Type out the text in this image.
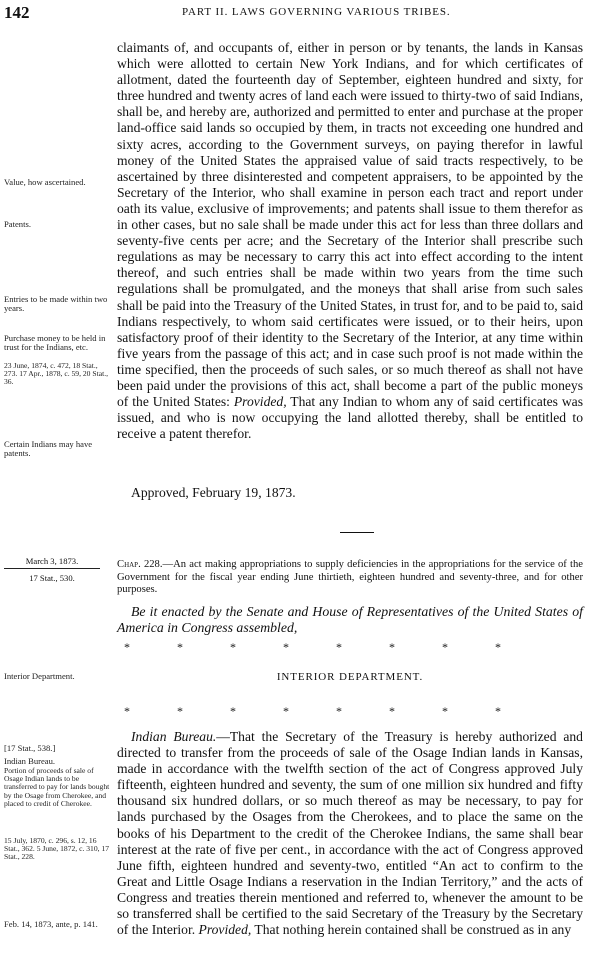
142	PART II. LAWS GOVERNING VARIOUS TRIBES.

claimants of, and occupants of, either in person or by tenants, the lands in Kansas which were allotted to certain New York Indians, and for which certificates of allotment, dated the fourteenth day of September, eighteen hundred and sixty, for three hundred and twenty acres of land each were issued to thirty-two of said Indians, shall be, and hereby are, authorized and permitted to enter and purchase at the proper land-office said lands so occupied by them, in tracts not exceeding one hundred and sixty acres, according to the Government surveys, on paying therefor in lawful money of the United States the appraised value of said tracts respectively, to be ascertained by three disinterested and competent appraisers, to be appointed by the Secretary of the Interior, who shall examine in person each tract and report under oath its value, exclusive of improvements; and patents shall issue to them therefor as in other cases, but no sale shall be made under this act for less than three dollars and seventy-five cents per acre; and the Secretary of the Interior shall prescribe such regulations as may be necessary to carry this act into effect according to the intent thereof, and such entries shall be made within two years from the time such regulations shall be promulgated, and the moneys that shall arise from such sales shall be paid into the Treasury of the United States, in trust for, and to be paid to, said Indians respectively, to whom said certificates were issued, or to their heirs, upon satisfactory proof of their identity to the Secretary of the Interior, at any time within five years from the passage of this act; and in case such proof is not made within the time specified, then the proceeds of such sales, or so much thereof as shall not have been paid under the provisions of this act, shall become a part of the public moneys of the United States: Provided, That any Indian to whom any of said certificates was issued, and who is now occupying the land allotted thereby, shall be entitled to receive a patent therefor.

Approved, February 19, 1873.
Value, how ascertained.
Patents.
Entries to be made within two years.
Purchase money to be held in trust for the Indians, etc.
23 June, 1874, c. 472, 18 Stat., 273. 17 Apr., 1878, c. 59, 20 Stat., 36.
Certain Indians may have patents.
March 3, 1873.
17 Stat., 530.
Chap. 228.—An act making appropriations to supply deficiencies in the appropriations for the service of the Government for the fiscal year ending June thirtieth, eighteen hundred and seventy-three, and for other purposes.
Be it enacted by the Senate and House of Representatives of the United States of America in Congress assembled,
* * * * * * * *
INTERIOR DEPARTMENT.
Interior Department.
* * * * * * * *

Indian Bureau.—That the Secretary of the Treasury is hereby authorized and directed to transfer from the proceeds of sale of the Osage Indian lands in Kansas, made in accordance with the twelfth section of the act of Congress approved July fifteenth, eighteen hundred and seventy, the sum of one million six hundred and fifty thousand six hundred dollars, or so much thereof as may be necessary, to pay for lands purchased by the Osages from the Cherokees, and to place the same on the books of his Department to the credit of the Cherokee Indians, the same shall bear interest at the rate of five per cent., in accordance with the act of Congress approved June fifth, eighteen hundred and seventy-two, entitled “An act to confirm to the Great and Little Osage Indians a reservation in the Indian Territory,” and the acts of Congress and treaties therein mentioned and referred to, whenever the amount to be so transferred shall be certified to the said Secretary of the Treasury by the Secretary of the Interior. Provided, That nothing herein contained shall be construed as in any

[17 Stat., 538.]
Indian Bureau.
Portion of proceeds of sale of Osage Indian lands to be transferred to pay for lands bought by the Osage from Cherokee, and placed to credit of Cherokee.
15 July, 1870, c. 296, s. 12, 16 Stat., 362. 5 June, 1872, c. 310, 17 Stat., 228.
Feb. 14, 1873, ante, p. 141.
